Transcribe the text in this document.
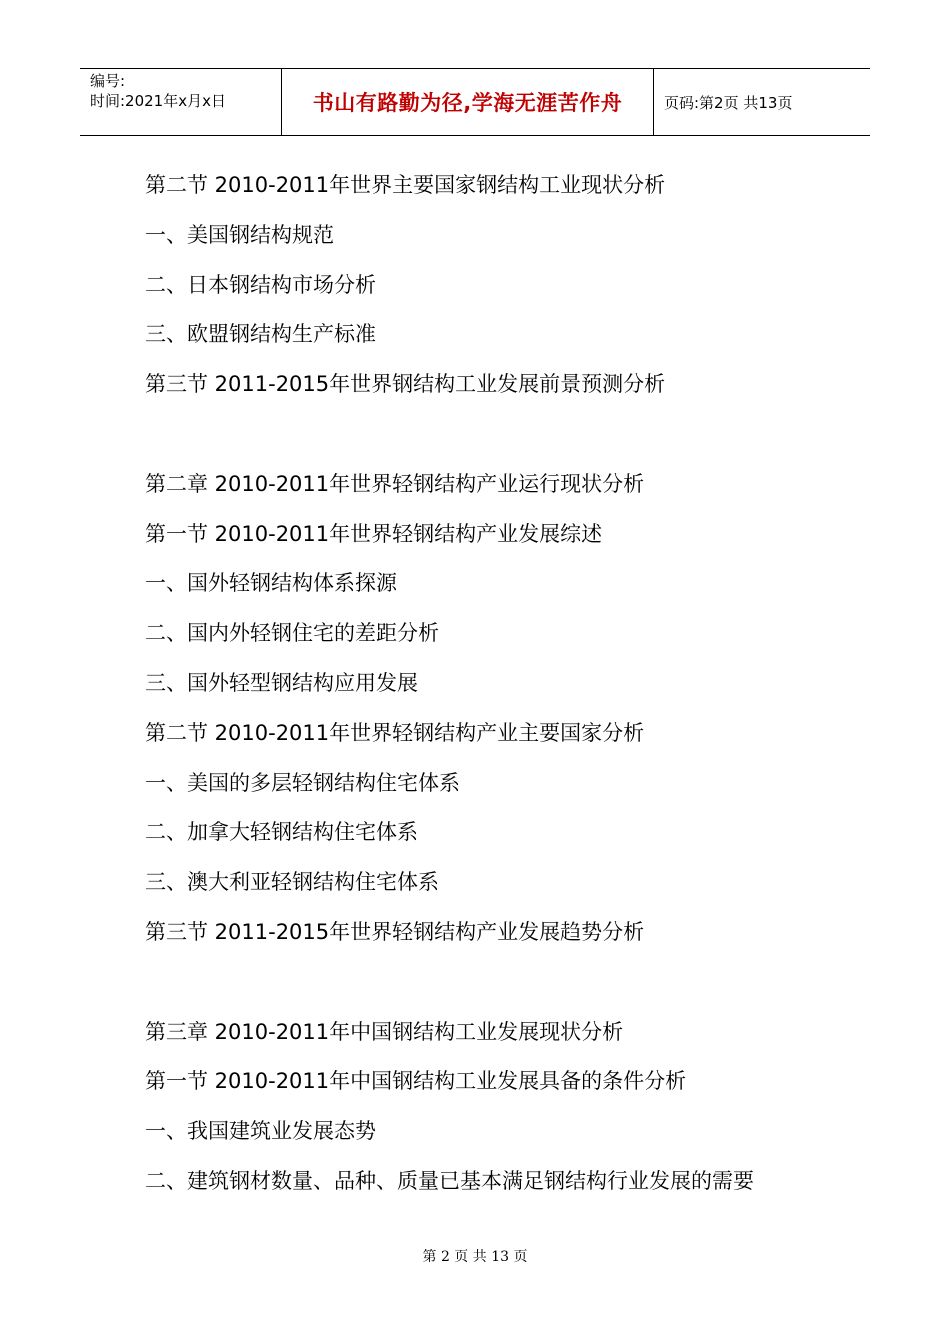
编号:
时间:2021年x月x日	书山有路勤为径,学海无涯苦作舟	页码:第2页 共13页
第二节 2010-2011年世界主要国家钢结构工业现状分析
一、美国钢结构规范
二、日本钢结构市场分析
三、欧盟钢结构生产标准
第三节 2011-2015年世界钢结构工业发展前景预测分析
第二章 2010-2011年世界轻钢结构产业运行现状分析
第一节 2010-2011年世界轻钢结构产业发展综述
一、国外轻钢结构体系探源
二、国内外轻钢住宅的差距分析
三、国外轻型钢结构应用发展
第二节 2010-2011年世界轻钢结构产业主要国家分析
一、美国的多层轻钢结构住宅体系
二、加拿大轻钢结构住宅体系
三、澳大利亚轻钢结构住宅体系
第三节 2011-2015年世界轻钢结构产业发展趋势分析
第三章 2010-2011年中国钢结构工业发展现状分析
第一节 2010-2011年中国钢结构工业发展具备的条件分析
一、我国建筑业发展态势
二、建筑钢材数量、品种、质量已基本满足钢结构行业发展的需要
第 2 页 共 13 页
